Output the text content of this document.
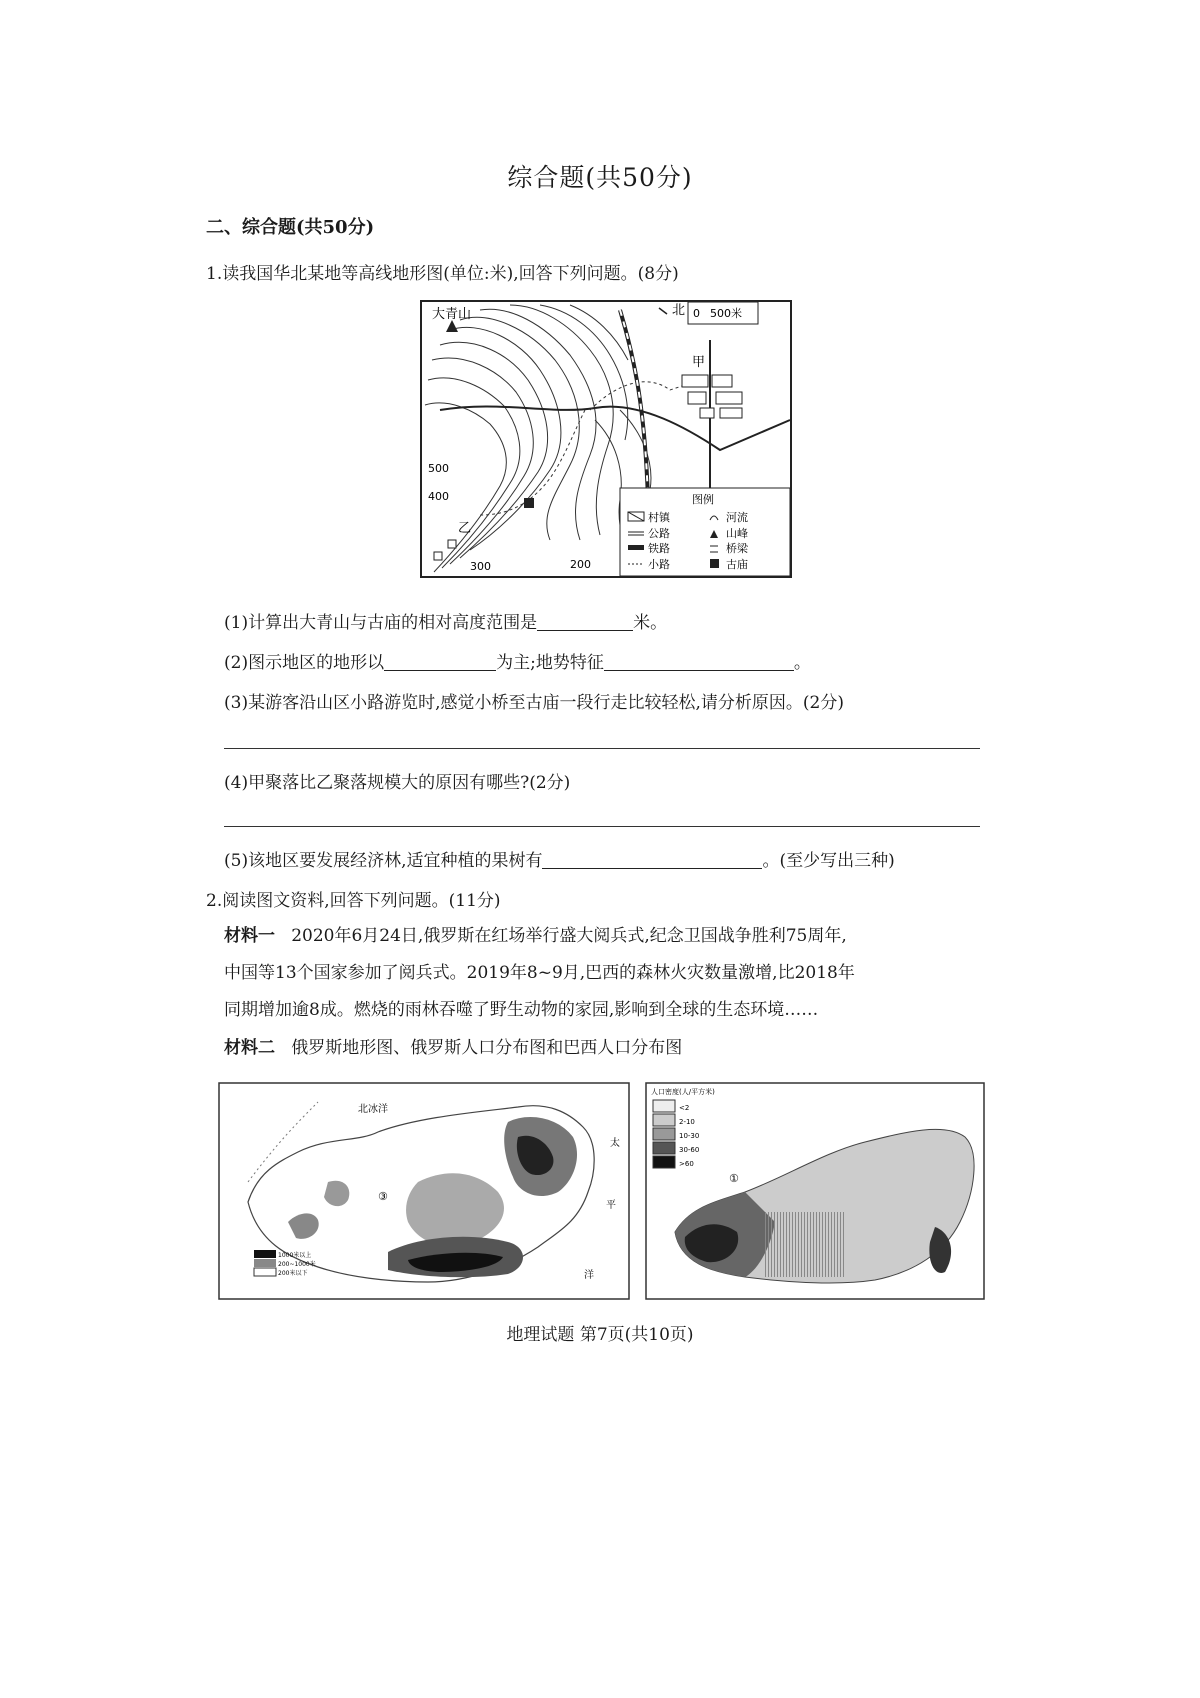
综合题(共50分)
二、综合题(共50分)
1.读我国华北某地等高线地形图(单位:米),回答下列问题。(8分)
大青山
甲
乙
北 0 500米
500
400
300	200
图例
村镇
公路
铁路
小路
河流
山峰
桥梁
古庙
(1)计算出大青山与古庙的相对高度范围是	米。
(2)图示地区的地形以	为主;地势特征	。
(3)某游客沿山区小路游览时,感觉小桥至古庙一段行走比较轻松,请分析原因。(2分)
(4)甲聚落比乙聚落规模大的原因有哪些?(2分)
(5)该地区要发展经济林,适宜种植的果树有	。(至少写出三种)
2.阅读图文资料,回答下列问题。(11分)
材料一 2020年6月24日,俄罗斯在红场举行盛大阅兵式,纪念卫国战争胜利75周年,
中国等13个国家参加了阅兵式。2019年8~9月,巴西的森林火灾数量激增,比2018年
同期增加逾8成。燃烧的雨林吞噬了野生动物的家园,影响到全球的生态环境……
材料二 俄罗斯地形图、俄罗斯人口分布图和巴西人口分布图
北冰洋
太
平
洋
③
1000米以上
200~1000米
200米以下
人口密度(人/平方米)
<2
2-10
10-30
30-60
>60
①
地理试题 第7页(共10页)
